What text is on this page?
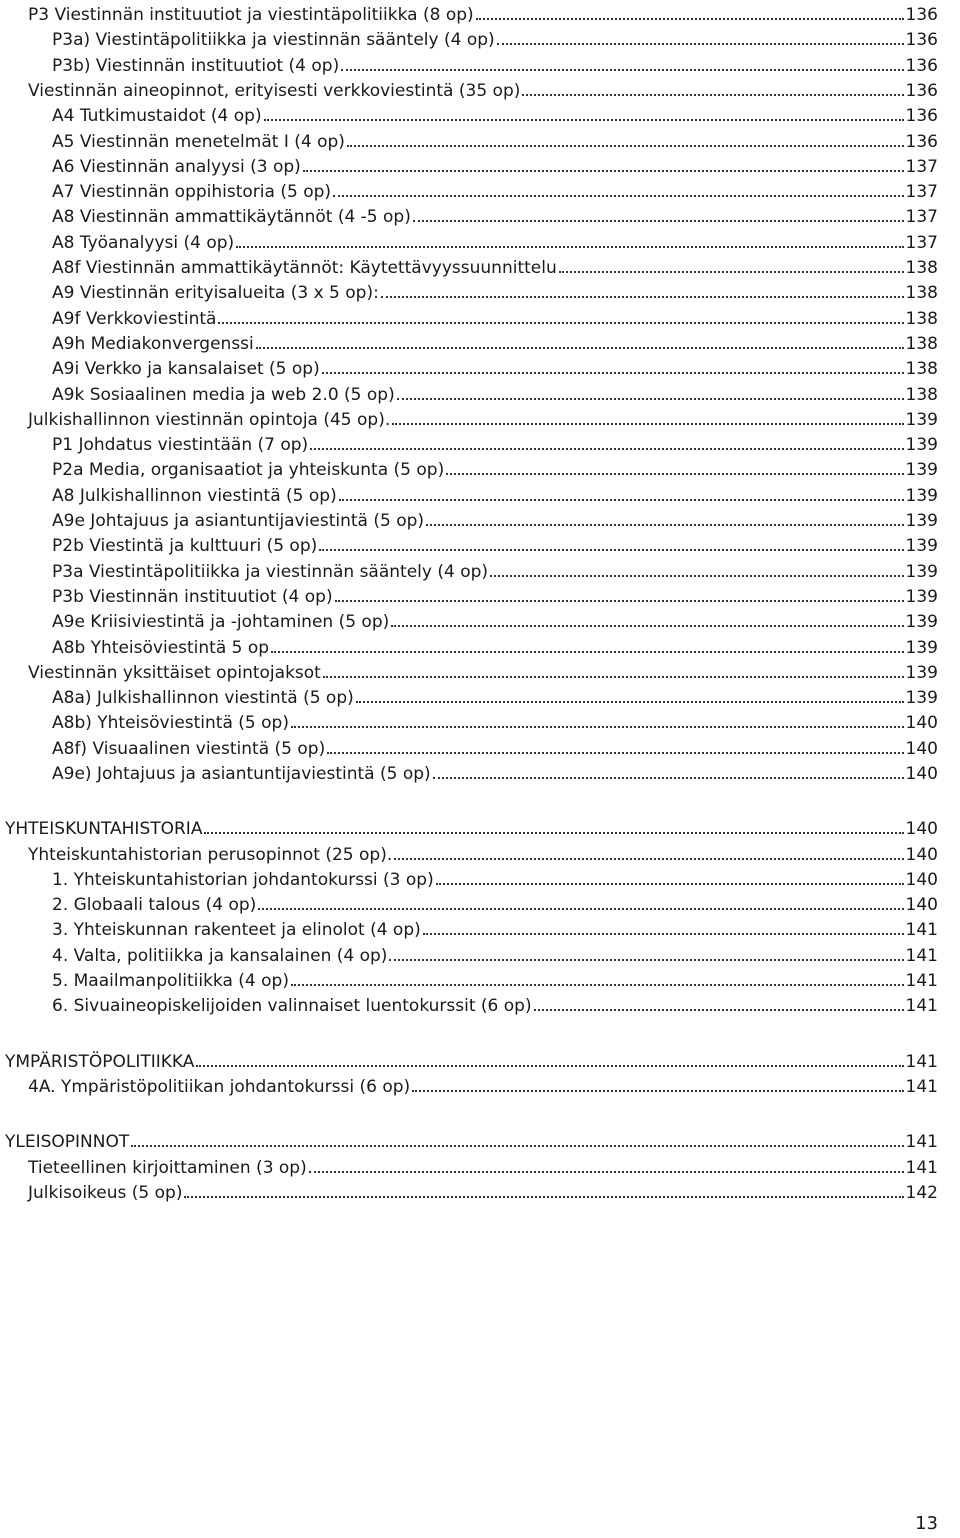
P3 Viestinnän instituutiot ja viestintäpolitiikka (8 op)	136
P3a) Viestintäpolitiikka ja viestinnän sääntely (4 op)	136
P3b) Viestinnän instituutiot (4 op)	136
Viestinnän aineopinnot, erityisesti verkkoviestintä (35 op)	136
A4 Tutkimustaidot (4 op)	136
A5 Viestinnän menetelmät I (4 op)	136
A6 Viestinnän analyysi (3 op)	137
A7 Viestinnän oppihistoria (5 op)	137
A8 Viestinnän ammattikäytännöt (4 -5 op)	137
A8 Työanalyysi (4 op)	137
A8f Viestinnän ammattikäytännöt: Käytettävyyssuunnittelu	138
A9 Viestinnän erityisalueita (3 x 5 op):	138
A9f Verkkoviestintä	138
A9h Mediakonvergenssi	138
A9i Verkko ja kansalaiset (5 op)	138
A9k Sosiaalinen media ja web 2.0 (5 op)	138
Julkishallinnon viestinnän opintoja (45 op).	139
P1 Johdatus viestintään (7 op)	139
P2a Media, organisaatiot ja yhteiskunta (5 op)	139
A8 Julkishallinnon viestintä (5 op)	139
A9e Johtajuus ja asiantuntijaviestintä (5 op)	139
P2b Viestintä ja kulttuuri (5 op)	139
P3a Viestintäpolitiikka ja viestinnän sääntely (4 op)	139
P3b Viestinnän instituutiot (4 op)	139
A9e Kriisiviestintä ja -johtaminen (5 op)	139
A8b Yhteisöviestintä 5 op	139
Viestinnän yksittäiset opintojaksot	139
A8a) Julkishallinnon viestintä (5 op)	139
A8b) Yhteisöviestintä (5 op)	140
A8f) Visuaalinen viestintä (5 op)	140
A9e) Johtajuus ja asiantuntijaviestintä (5 op)	140
YHTEISKUNTAHISTORIA	140
Yhteiskuntahistorian perusopinnot (25 op).	140
1. Yhteiskuntahistorian johdantokurssi (3 op)	140
2. Globaali talous (4 op)	140
3. Yhteiskunnan rakenteet ja elinolot (4 op)	141
4. Valta, politiikka ja kansalainen (4 op)	141
5. Maailmanpolitiikka (4 op)	141
6. Sivuaineopiskelijoiden valinnaiset luentokurssit (6 op)	141
YMPÄRISTÖPOLITIIKKA	141
4A. Ympäristöpolitiikan johdantokurssi (6 op)	141
YLEISOPINNOT	141
Tieteellinen kirjoittaminen (3 op)	141
Julkisoikeus (5 op)	142
13
